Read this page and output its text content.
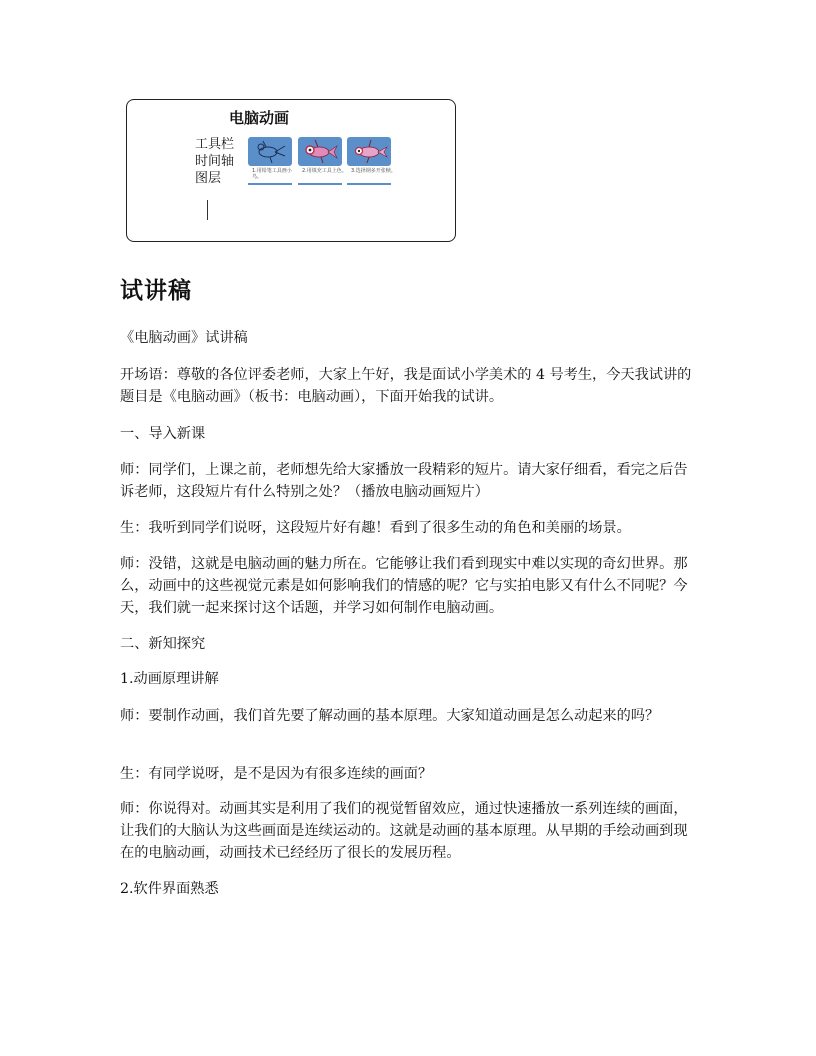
电脑动画
工具栏
时间轴
图层	1.用铅笔工具画小鸟。
2.用填充工具上色。 3.选择钢多开张帧。
试讲稿

《电脑动画》试讲稿

开场语：尊敬的各位评委老师，大家上午好，我是面试小学美术的 4 号考生，今天我试讲的题目是《电脑动画》（板书：电脑动画），下面开始我的试讲。

一、导入新课

师：同学们，上课之前，老师想先给大家播放一段精彩的短片。请大家仔细看，看完之后告诉老师，这段短片有什么特别之处？（播放电脑动画短片）

生：我听到同学们说呀，这段短片好有趣！看到了很多生动的角色和美丽的场景。

师：没错，这就是电脑动画的魅力所在。它能够让我们看到现实中难以实现的奇幻世界。那么，动画中的这些视觉元素是如何影响我们的情感的呢？它与实拍电影又有什么不同呢？今天，我们就一起来探讨这个话题，并学习如何制作电脑动画。

二、新知探究

1.动画原理讲解

师：要制作动画，我们首先要了解动画的基本原理。大家知道动画是怎么动起来的吗？

生：有同学说呀，是不是因为有很多连续的画面？

师：你说得对。动画其实是利用了我们的视觉暂留效应，通过快速播放一系列连续的画面，让我们的大脑认为这些画面是连续运动的。这就是动画的基本原理。从早期的手绘动画到现在的电脑动画，动画技术已经经历了很长的发展历程。

2.软件界面熟悉
